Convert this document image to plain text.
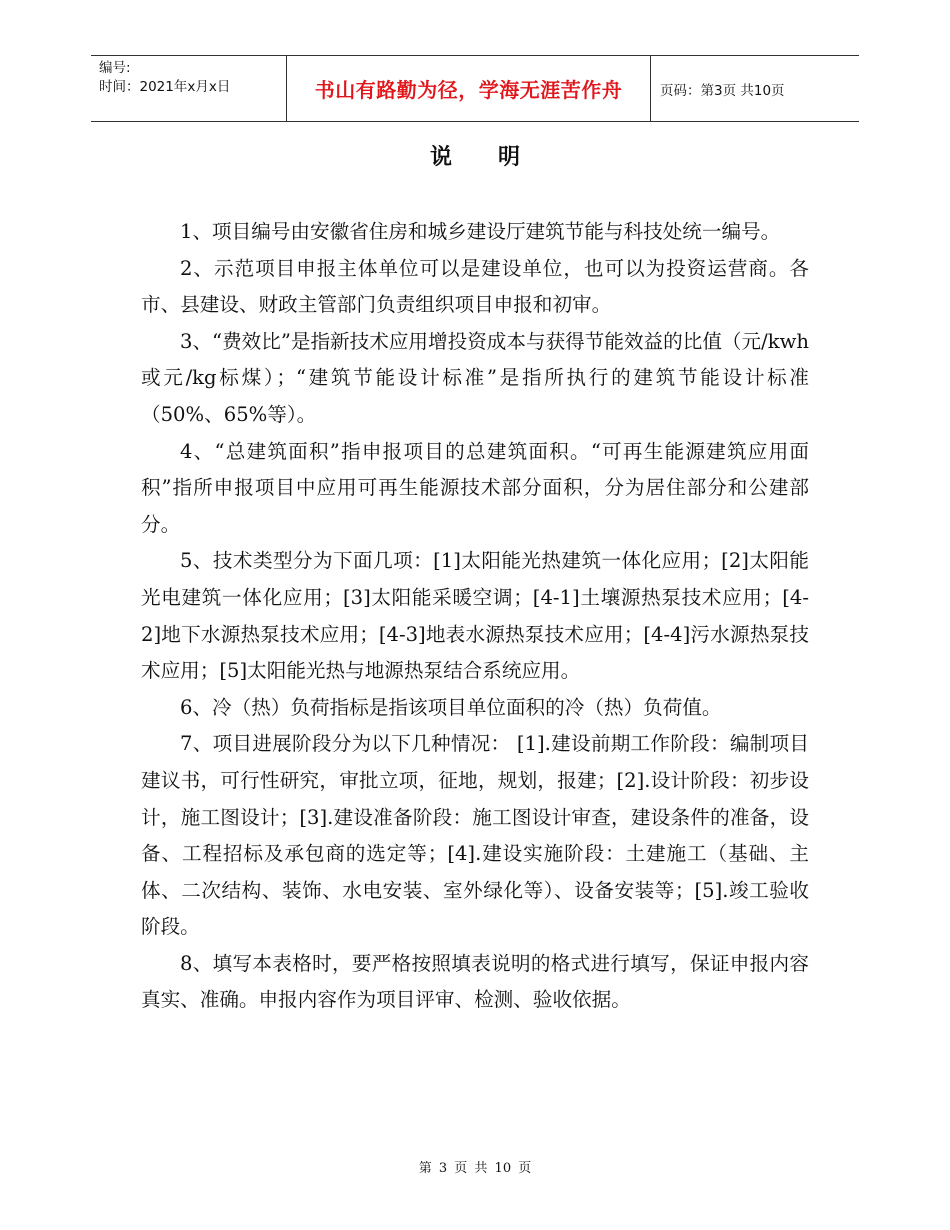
编号:
时间：2021年x月x日	书山有路勤为径，学海无涯苦作舟	页码：第3页 共10页
说明

1、项目编号由安徽省住房和城乡建设厅建筑节能与科技处统一编号。

2、示范项目申报主体单位可以是建设单位，也可以为投资运营商。各市、县建设、财政主管部门负责组织项目申报和初审。

3、“费效比”是指新技术应用增投资成本与获得节能效益的比值（元/kwh或元/kg标煤）；“建筑节能设计标准”是指所执行的建筑节能设计标准（50%、65%等）。

4、“总建筑面积”指申报项目的总建筑面积。“可再生能源建筑应用面积”指所申报项目中应用可再生能源技术部分面积，分为居住部分和公建部分。

5、技术类型分为下面几项：[1]太阳能光热建筑一体化应用；[2]太阳能光电建筑一体化应用；[3]太阳能采暖空调；[4-1]土壤源热泵技术应用；[4-2]地下水源热泵技术应用；[4-3]地表水源热泵技术应用；[4-4]污水源热泵技术应用；[5]太阳能光热与地源热泵结合系统应用。

6、冷（热）负荷指标是指该项目单位面积的冷（热）负荷值。

7、项目进展阶段分为以下几种情况： [1].建设前期工作阶段：编制项目建议书，可行性研究，审批立项，征地，规划，报建；[2].设计阶段：初步设计，施工图设计；[3].建设准备阶段：施工图设计审查，建设条件的准备，设备、工程招标及承包商的选定等；[4].建设实施阶段：土建施工（基础、主体、二次结构、装饰、水电安装、室外绿化等）、设备安装等；[5].竣工验收阶段。

8、填写本表格时，要严格按照填表说明的格式进行填写，保证申报内容真实、准确。申报内容作为项目评审、检测、验收依据。

第 3 页 共 10 页
